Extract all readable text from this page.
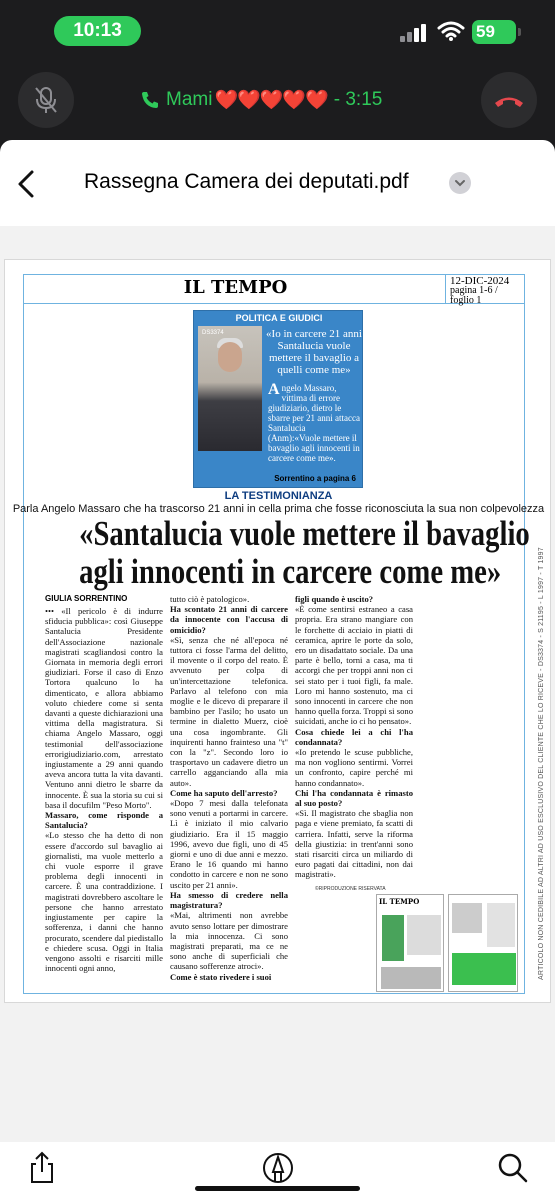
10:13	59
Mami ❤️❤️❤️❤️❤️ - 3:15
Rassegna Camera dei deputati.pdf
IL TEMPO	12-DIC-2024
pagina 1-6 /
foglio 1
ARTICOLO NON CEDIBILE AD ALTRI AD USO ESCLUSIVO DEL CLIENTE CHE LO RICEVE - DS3374 - S 21195 - L 1997 - T 1997
POLITICA E GIUDICI
DS3374	«Io in carcere 21 anni Santalucia vuole mettere il bavaglio a quelli come me»
Angelo Massaro, vittima di errore giudiziario, dietro le sbarre per 21 anni attacca Santalucia (Anm):«Vuole mettere il bavaglio agli innocenti in carcere come me».
Sorrentino a pagina 6
LA TESTIMONIANZA
Parla Angelo Massaro che ha trascorso 21 anni in cella prima che fosse riconosciuta la sua non colpevolezza
«Santalucia vuole mettere il bavaglio
agli innocenti in carcere come me»
GIULIA SORRENTINO

••• «Il pericolo è di indurre sfiducia pubblica»: così Giuseppe Santalucia Presidente dell'Associazione nazionale magistrati scagliandosi contro la Giornata in memoria degli errori giudiziari. Forse il caso di Enzo Tortora qualcuno lo ha dimenticato, e allora abbiamo voluto chiedere come si senta davanti a queste dichiarazioni una vittima della magistratura. Si chiama Angelo Massaro, oggi testimonial dell'associazione errorigiudiziario.com, arrestato ingiustamente a 29 anni quando aveva ancora tutta la vita davanti. Ventuno anni dietro le sbarre da innocente. È sua la storia su cui si basa il docufilm "Peso Morto".

Massaro, come risponde a Santalucia?

«Lo stesso che ha detto di non essere d'accordo sul bavaglio ai giornalisti, ma vuole metterlo a chi vuole esporre il grave problema degli innocenti in carcere. È una contraddizione. I magistrati dovrebbero ascoltare le persone che hanno arrestato ingiustamente per capire la sofferenza, i danni che hanno procurato, scendere dal piedistallo e chiedere scusa. Oggi in Italia vengono assolti e risarciti mille innocenti ogni anno,

tutto ciò è patologico».

Ha scontato 21 anni di carcere da innocente con l'accusa di omicidio?

«Sì, senza che né all'epoca né tuttora ci fosse l'arma del delitto, il movente o il corpo del reato. È avvenuto per colpa di un'intercettazione telefonica. Parlavo al telefono con mia moglie e le dicevo di preparare il bambino per l'asilo; ho usato un termine in dialetto Muerz, cioè una cosa ingombrante. Gli inquirenti hanno frainteso una "t" con la "z". Secondo loro io trasportavo un cadavere dietro un carrello agganciando alla mia auto».

Come ha saputo dell'arresto?

«Dopo 7 mesi dalla telefonata sono venuti a portarmi in carcere. Lì è iniziato il mio calvario giudiziario. Era il 15 maggio 1996, avevo due figli, uno di 45 giorni e uno di due anni e mezzo. Erano le 16 quando mi hanno condotto in carcere e non ne sono uscito per 21 anni».

Ha smesso di credere nella magistratura?

«Mai, altrimenti non avrebbe avuto senso lottare per dimostrare la mia innocenza. Ci sono magistrati preparati, ma ce ne sono anche di superficiali che causano sofferenze atroci».

Come è stato rivedere i suoi

figli quando è uscito?

«È come sentirsi estraneo a casa propria. Era strano mangiare con le forchette di acciaio in piatti di ceramica, aprire le porte da solo, ero un disadattato sociale. Da una parte è bello, torni a casa, ma ti accorgi che per troppi anni non ci sei stato per i tuoi figli, fa male. Loro mi hanno sostenuto, ma ci sono innocenti in carcere che non hanno quella forza. Troppi si sono suicidati, anche io ci ho pensato».

Cosa chiede lei a chi l'ha condannata?

«Io pretendo le scuse pubbliche, ma non vogliono sentirmi. Vorrei un confronto, capire perché mi hanno condannato».

Chi l'ha condannata è rimasto al suo posto?

«Sì. Il magistrato che sbaglia non paga e viene premiato, fa scatti di carriera. Infatti, serve la riforma della giustizia: in trent'anni sono stati risarciti circa un miliardo di euro pagati dai cittadini, non dai magistrati».

©RIPRODUZIONE RISERVATA
IL TEMPO
